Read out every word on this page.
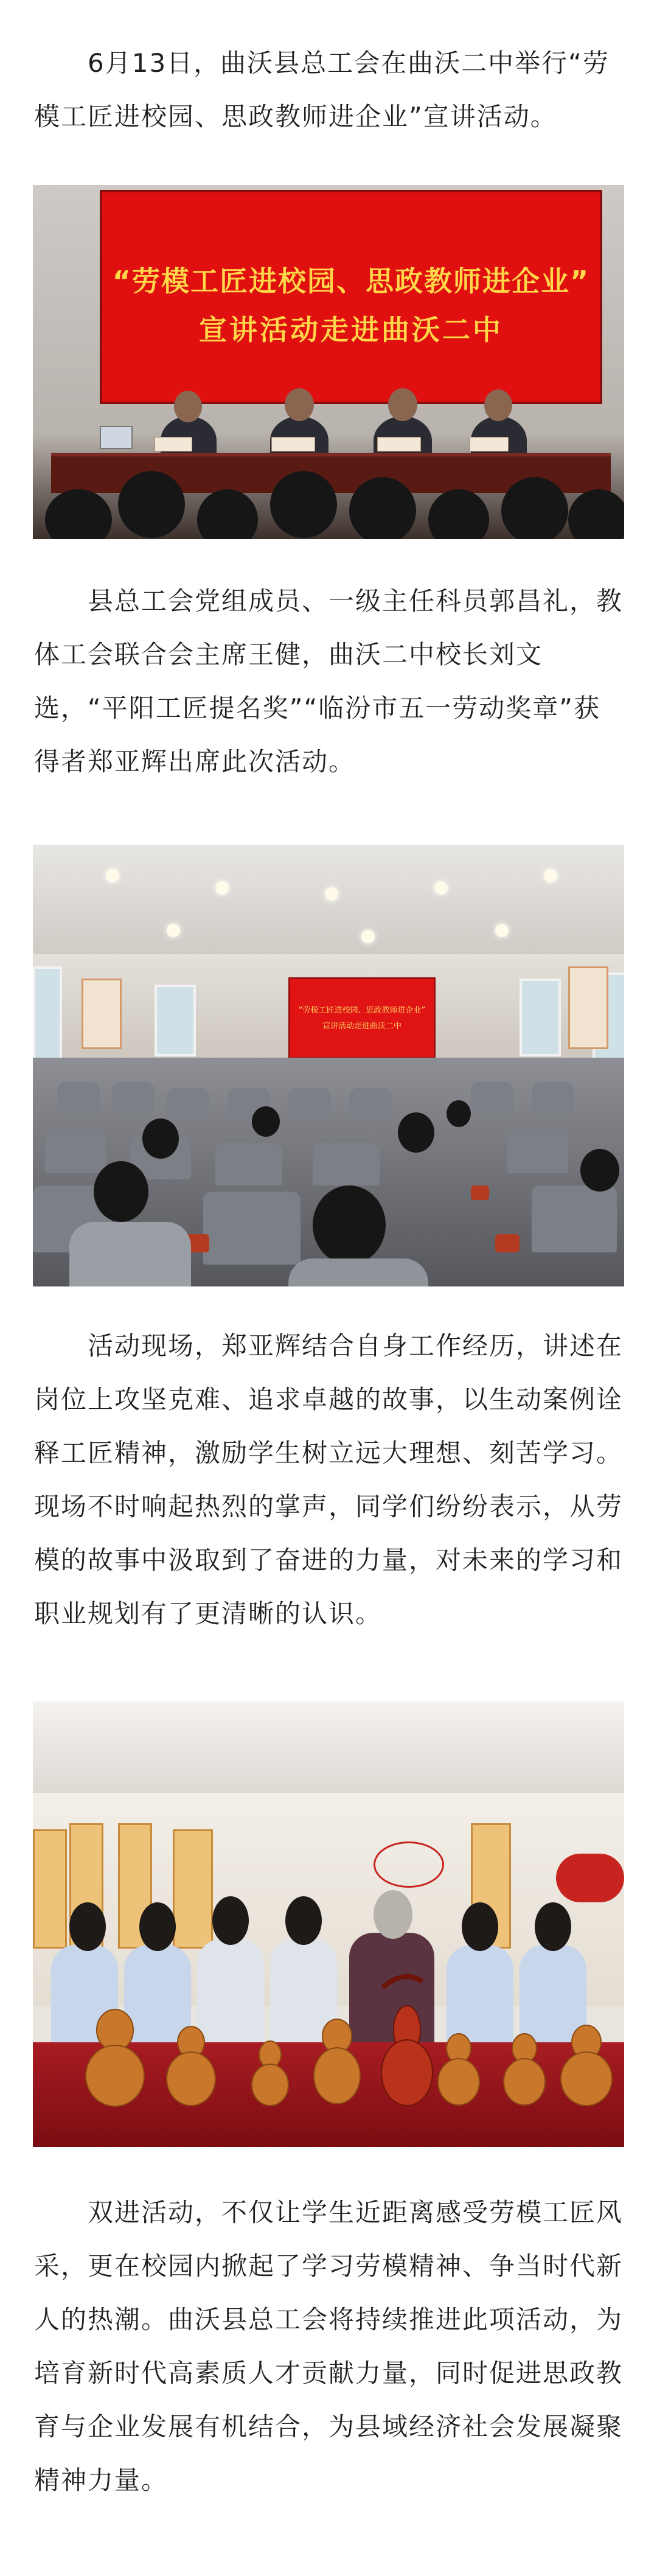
6月13日，曲沃县总工会在曲沃二中举行“劳模工匠进校园、思政教师进企业”宣讲活动。

“劳模工匠进校园、思政教师进企业”
宣讲活动走进曲沃二中

县总工会党组成员、一级主任科员郭昌礼，教体工会联合会主席王健，曲沃二中校长刘文选，“平阳工匠提名奖”“临汾市五一劳动奖章”获得者郑亚辉出席此次活动。

“劳模工匠进校园、思政教师进企业”
宣讲活动走进曲沃二中

活动现场，郑亚辉结合自身工作经历，讲述在岗位上攻坚克难、追求卓越的故事，以生动案例诠释工匠精神，激励学生树立远大理想、刻苦学习。现场不时响起热烈的掌声，同学们纷纷表示，从劳模的故事中汲取到了奋进的力量，对未来的学习和职业规划有了更清晰的认识。

双进活动，不仅让学生近距离感受劳模工匠风采，更在校园内掀起了学习劳模精神、争当时代新人的热潮。曲沃县总工会将持续推进此项活动，为培育新时代高素质人才贡献力量，同时促进思政教育与企业发展有机结合，为县域经济社会发展凝聚精神力量。
